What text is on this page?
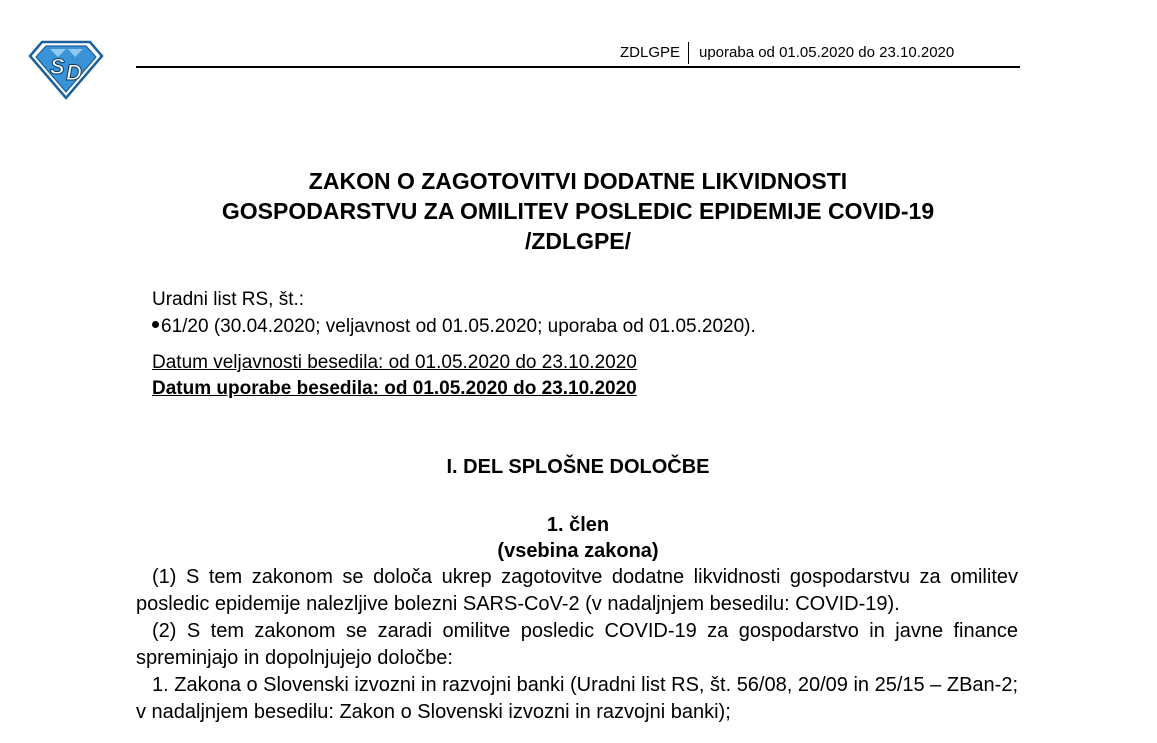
S D
ZDLGPE uporaba od 01.05.2020 do 23.10.2020
ZAKON O ZAGOTOVITVI DODATNE LIKVIDNOSTI
GOSPODARSTVU ZA OMILITEV POSLEDIC EPIDEMIJE COVID-19
/ZDLGPE/
Uradni list RS, št.:
61/20 (30.04.2020; veljavnost od 01.05.2020; uporaba od 01.05.2020).
Datum veljavnosti besedila: od 01.05.2020 do 23.10.2020
Datum uporabe besedila: od 01.05.2020 do 23.10.2020
I. DEL SPLOŠNE DOLOČBE
1. člen
(vsebina zakona)
(1) S tem zakonom se določa ukrep zagotovitve dodatne likvidnosti gospodarstvu za omilitev posledic epidemije nalezljive bolezni SARS-CoV-2 (v nadaljnjem besedilu: COVID-19).
(2) S tem zakonom se zaradi omilitve posledic COVID-19 za gospodarstvo in javne finance spreminjajo in dopolnjujejo določbe:
1. Zakona o Slovenski izvozni in razvojni banki (Uradni list RS, št. 56/08, 20/09 in 25/15 – ZBan-2; v nadaljnjem besedilu: Zakon o Slovenski izvozni in razvojni banki);
